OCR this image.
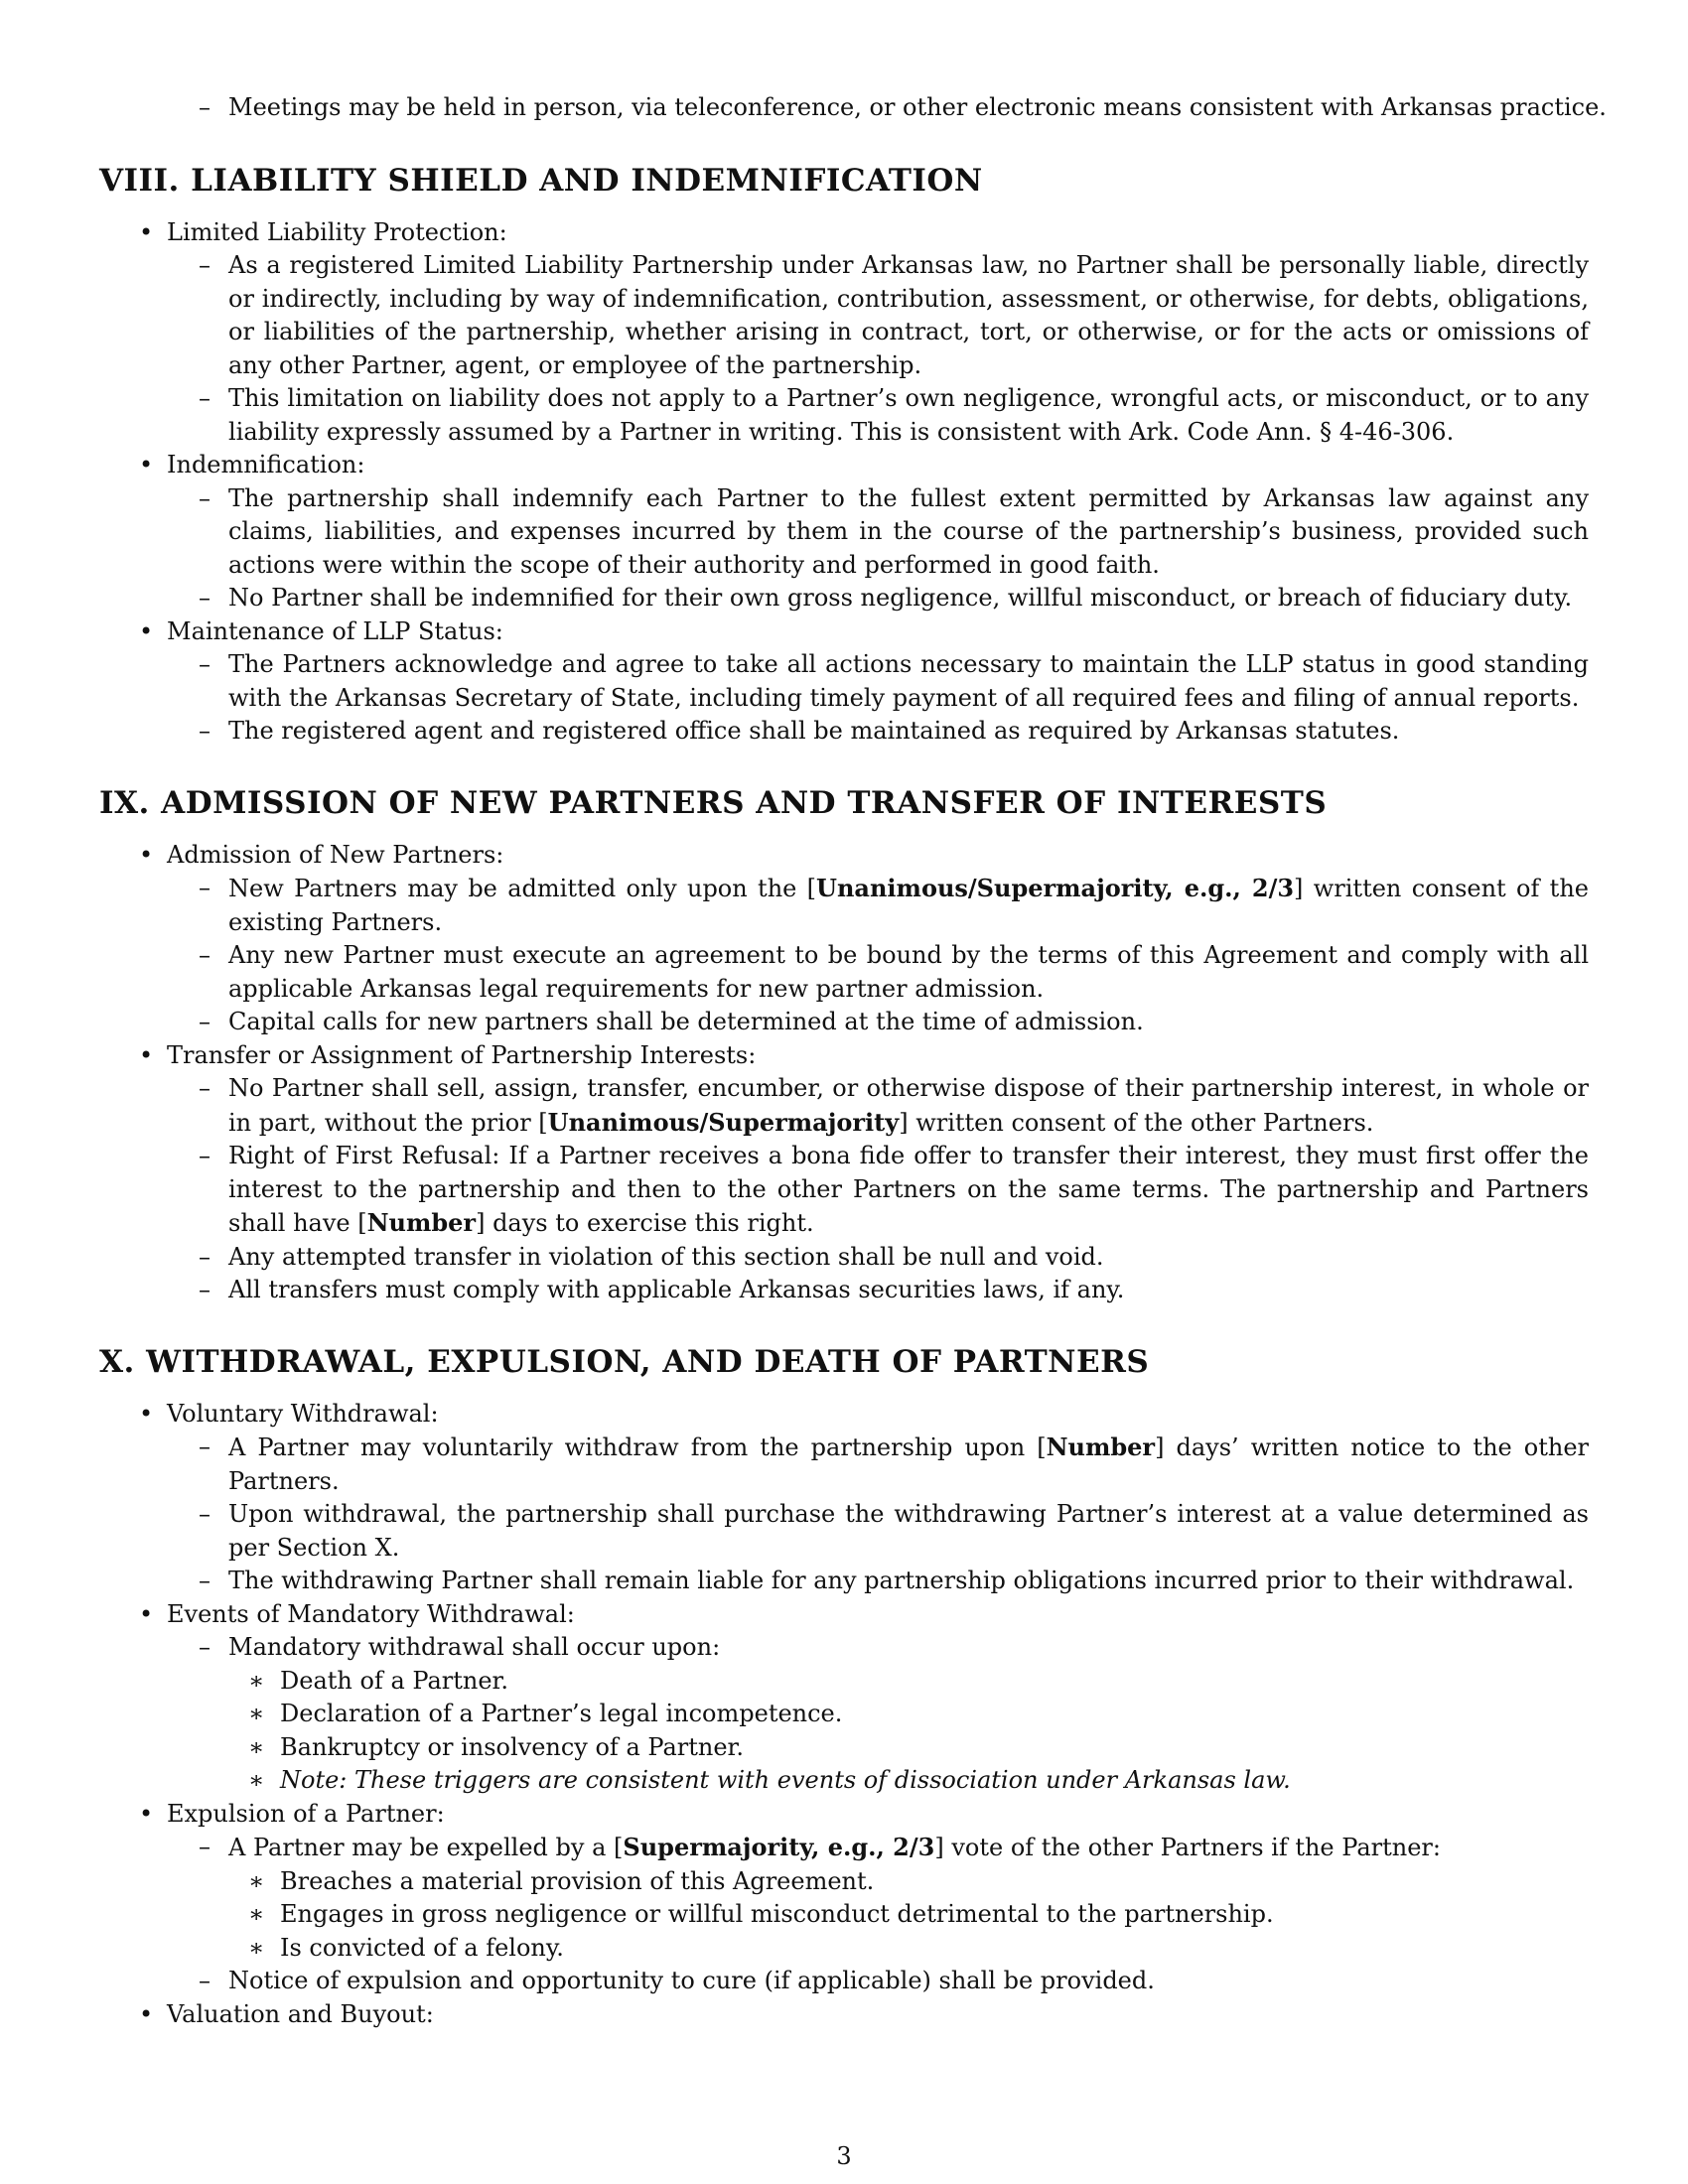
– Meetings may be held in person, via teleconference, or other electronic means consistent with Arkansas practice.
VIII. LIABILITY SHIELD AND INDEMNIFICATION
• Limited Liability Protection:
– As a registered Limited Liability Partnership under Arkansas law, no Partner shall be personally liable, directly or indirectly, including by way of indemnification, contribution, assessment, or otherwise, for debts, obligations, or liabilities of the partnership, whether arising in contract, tort, or otherwise, or for the acts or omissions of any other Partner, agent, or employee of the partnership.
– This limitation on liability does not apply to a Partner’s own negligence, wrongful acts, or misconduct, or to any liability expressly assumed by a Partner in writing. This is consistent with Ark. Code Ann. § 4-46-306.
• Indemnification:
– The partnership shall indemnify each Partner to the fullest extent permitted by Arkansas law against any claims, liabilities, and expenses incurred by them in the course of the partnership’s business, provided such actions were within the scope of their authority and performed in good faith.
– No Partner shall be indemnified for their own gross negligence, willful misconduct, or breach of fiduciary duty.
• Maintenance of LLP Status:
– The Partners acknowledge and agree to take all actions necessary to maintain the LLP status in good standing with the Arkansas Secretary of State, including timely payment of all required fees and filing of annual reports.
– The registered agent and registered office shall be maintained as required by Arkansas statutes.
IX. ADMISSION OF NEW PARTNERS AND TRANSFER OF INTERESTS
• Admission of New Partners:
– New Partners may be admitted only upon the [Unanimous/Supermajority, e.g., 2/3] written consent of the existing Partners.
– Any new Partner must execute an agreement to be bound by the terms of this Agreement and comply with all applicable Arkansas legal requirements for new partner admission.
– Capital calls for new partners shall be determined at the time of admission.
• Transfer or Assignment of Partnership Interests:
– No Partner shall sell, assign, transfer, encumber, or otherwise dispose of their partnership interest, in whole or in part, without the prior [Unanimous/Supermajority] written consent of the other Partners.
– Right of First Refusal: If a Partner receives a bona fide offer to transfer their interest, they must first offer the interest to the partnership and then to the other Partners on the same terms. The partnership and Partners shall have [Number] days to exercise this right.
– Any attempted transfer in violation of this section shall be null and void.
– All transfers must comply with applicable Arkansas securities laws, if any.
X. WITHDRAWAL, EXPULSION, AND DEATH OF PARTNERS
• Voluntary Withdrawal:
– A Partner may voluntarily withdraw from the partnership upon [Number] days’ written notice to the other Partners.
– Upon withdrawal, the partnership shall purchase the withdrawing Partner’s interest at a value determined as per Section X.
– The withdrawing Partner shall remain liable for any partnership obligations incurred prior to their withdrawal.
• Events of Mandatory Withdrawal:
– Mandatory withdrawal shall occur upon:
∗ Death of a Partner.
∗ Declaration of a Partner’s legal incompetence.
∗ Bankruptcy or insolvency of a Partner.
∗ Note: These triggers are consistent with events of dissociation under Arkansas law.
• Expulsion of a Partner:
– A Partner may be expelled by a [Supermajority, e.g., 2/3] vote of the other Partners if the Partner:
∗ Breaches a material provision of this Agreement.
∗ Engages in gross negligence or willful misconduct detrimental to the partnership.
∗ Is convicted of a felony.
– Notice of expulsion and opportunity to cure (if applicable) shall be provided.
• Valuation and Buyout:
3
